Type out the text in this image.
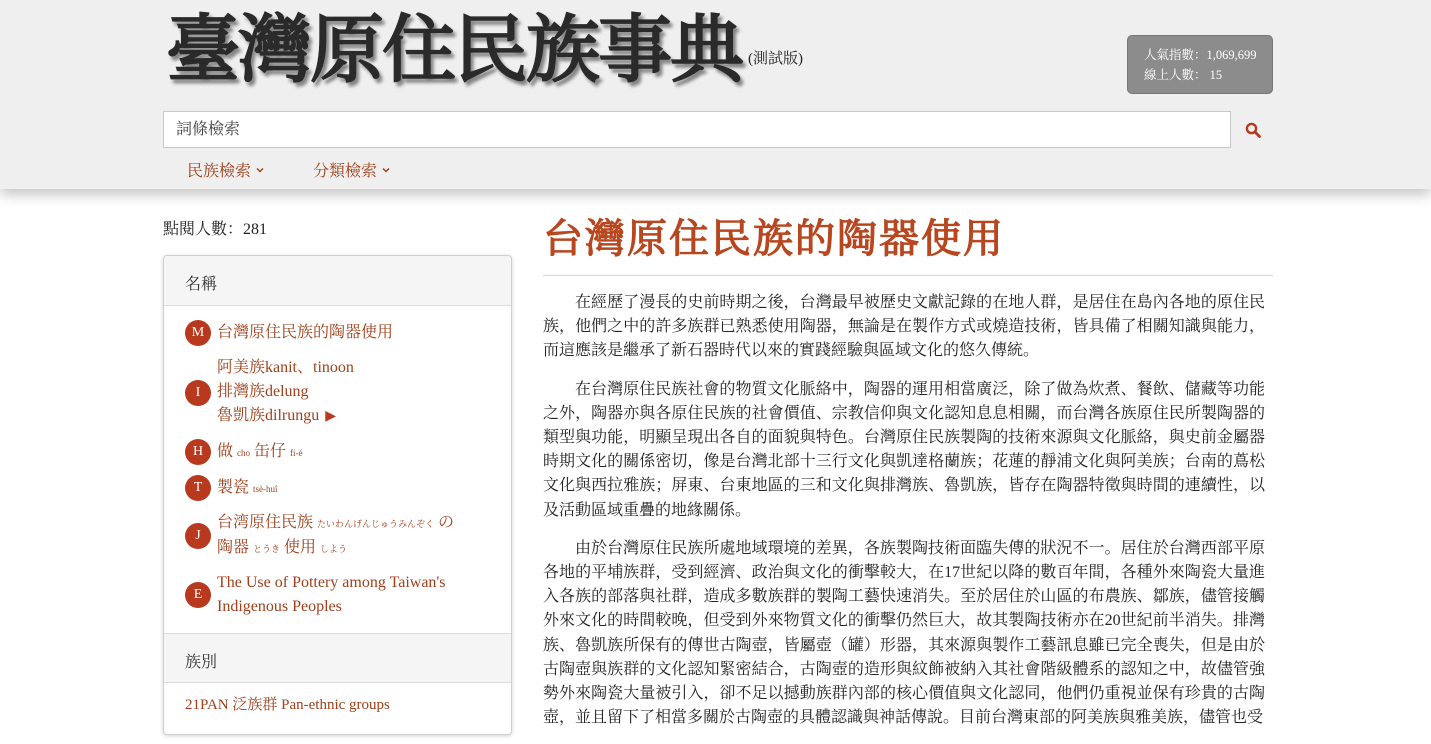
臺灣原住民族事典 (測試版)	人氣指數：1,069,699
線上人數： 15
詞條檢索
民族檢索	分類檢索
點閱人數：281
名稱
M 台灣原住民族的陶器使用
I
阿美族kanit、tinoon
排灣族delung
魯凱族dilrungu ▶
H 做 cho 缶仔 fi-é
T 製瓷 tsè-huî
J
台湾原住民族 たいわんげんじゅうみんぞく の
陶器 とうき 使用 しよう
E
The Use of Pottery among Taiwan's
Indigenous Peoples
族別
21PAN 泛族群 Pan-ethnic groups
台灣原住民族的陶器使用

在經歷了漫長的史前時期之後，台灣最早被歷史文獻記錄的在地人群，是居住在島內各地的原住民族，他們之中的許多族群已熟悉使用陶器，無論是在製作方式或燒造技術，皆具備了相關知識與能力，而這應該是繼承了新石器時代以來的實踐經驗與區域文化的悠久傳統。

在台灣原住民族社會的物質文化脈絡中，陶器的運用相當廣泛，除了做為炊煮、餐飲、儲藏等功能之外，陶器亦與各原住民族的社會價值、宗教信仰與文化認知息息相關，而台灣各族原住民所製陶器的類型與功能，明顯呈現出各自的面貌與特色。台灣原住民族製陶的技術來源與文化脈絡，與史前金屬器時期文化的關係密切，像是台灣北部十三行文化與凱達格蘭族；花蓮的靜浦文化與阿美族；台南的蔦松文化與西拉雅族；屏東、台東地區的三和文化與排灣族、魯凱族，皆存在陶器特徵與時間的連續性，以及活動區域重疊的地緣關係。

由於台灣原住民族所處地域環境的差異，各族製陶技術面臨失傳的狀況不一。居住於台灣西部平原各地的平埔族群，受到經濟、政治與文化的衝擊較大，在17世紀以降的數百年間，各種外來陶瓷大量進入各族的部落與社群，造成多數族群的製陶工藝快速消失。至於居住於山區的布農族、鄒族，儘管接觸外來文化的時間較晚，但受到外來物質文化的衝擊仍然巨大，故其製陶技術亦在20世紀前半消失。排灣族、魯凱族所保有的傳世古陶壺，皆屬壺（罐）形器，其來源與製作工藝訊息雖已完全喪失，但是由於古陶壺與族群的文化認知緊密結合，古陶壺的造形與紋飾被納入其社會階級體系的認知之中，故儘管強勢外來陶瓷大量被引入，卻不足以撼動族群內部的核心價值與文化認同，他們仍重視並保有珍貴的古陶壺，並且留下了相當多關於古陶壺的具體認識與神話傳說。目前台灣東部的阿美族與雅美族，儘管也受
